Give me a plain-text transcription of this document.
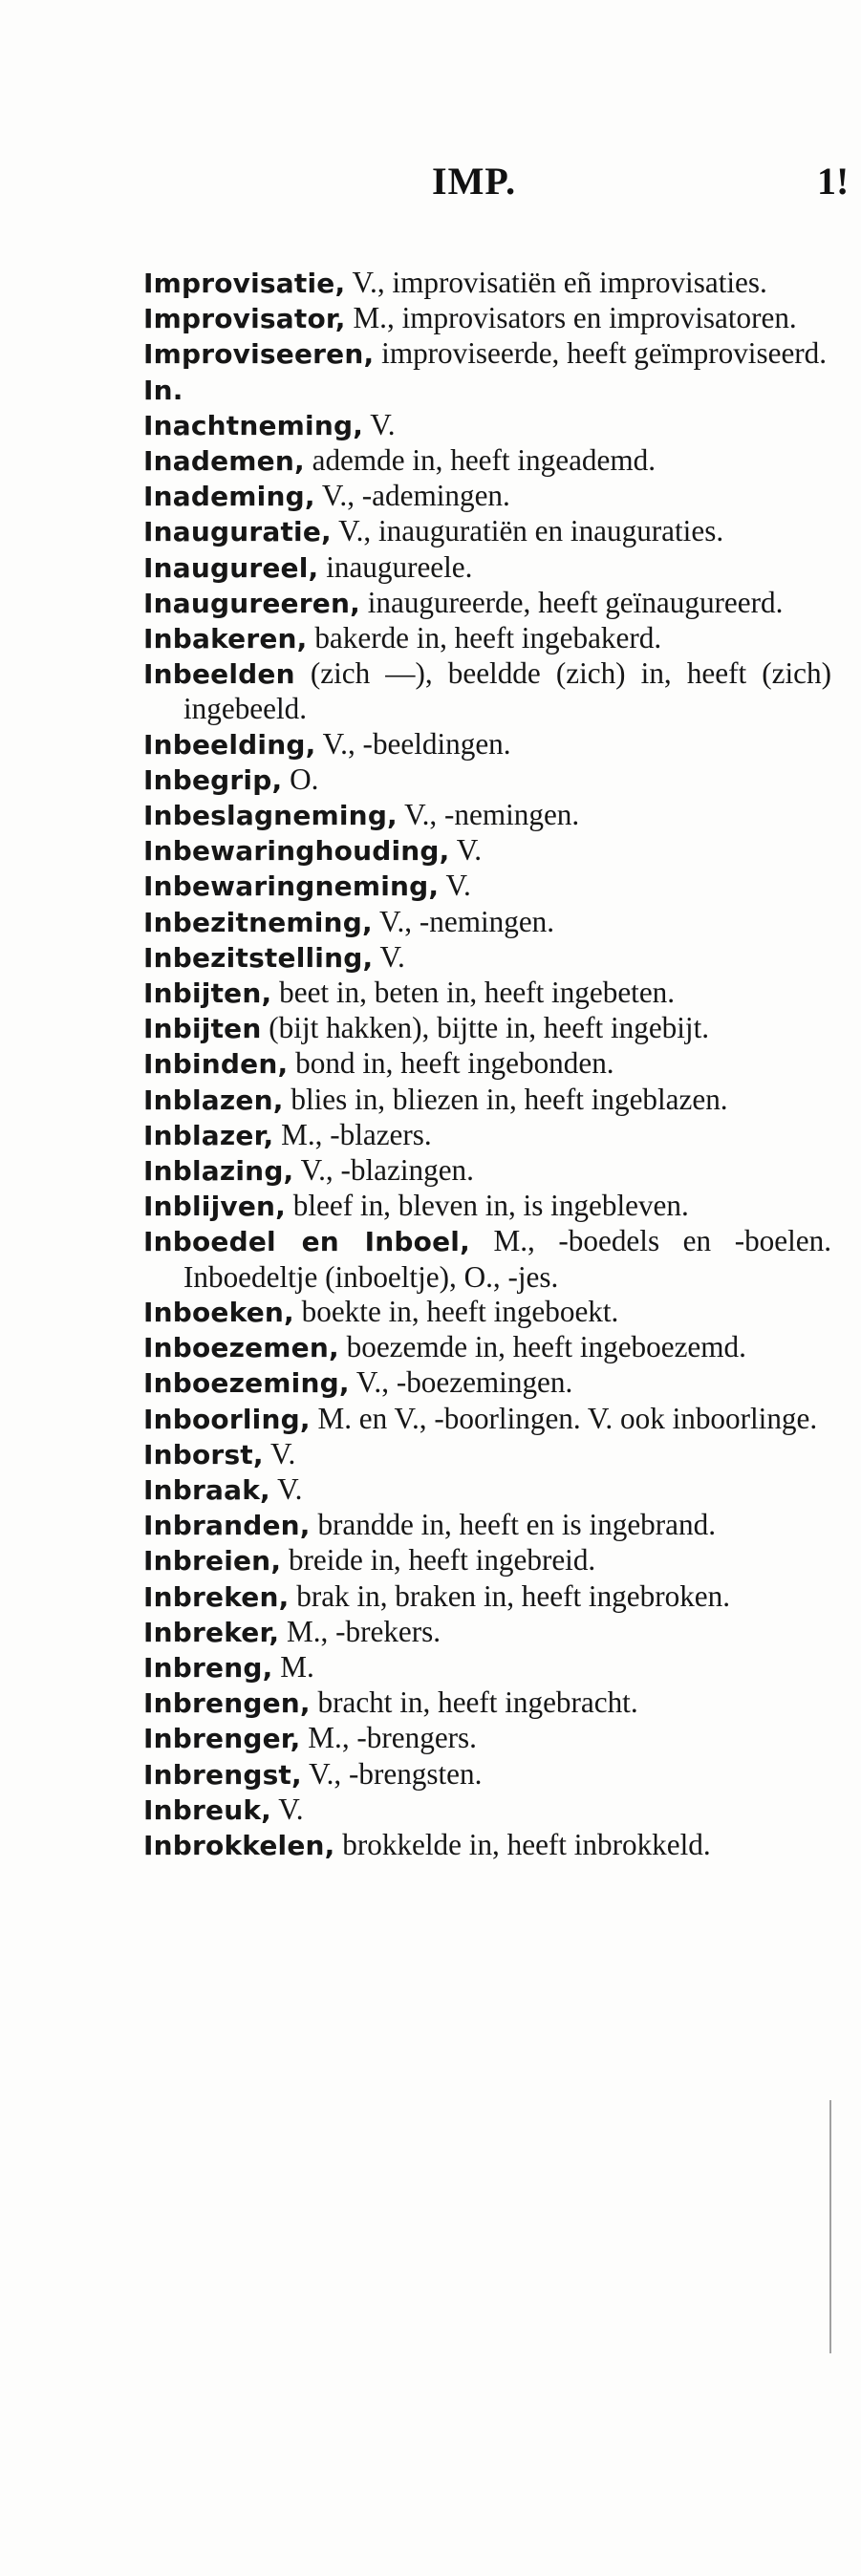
IMP.	1!
Improvisatie, V., improvisatiën eñ improvisaties.
Improvisator, M., improvisators en improvisatoren.
Improviseeren, improviseerde, heeft geïmproviseerd.
In.
Inachtneming, V.
Inademen, ademde in, heeft ingeademd.
Inademing, V., -ademingen.
Inauguratie, V., inauguratiën en inauguraties.
Inaugureel, inaugureele.
Inaugureeren, inaugureerde, heeft geïnaugureerd.
Inbakeren, bakerde in, heeft ingebakerd.
Inbeelden (zich —), beeldde (zich) in, heeft (zich) ingebeeld.
Inbeelding, V., -beeldingen.
Inbegrip, O.
Inbeslagneming, V., -nemingen.
Inbewaringhouding, V.
Inbewaringneming, V.
Inbezitneming, V., -nemingen.
Inbezitstelling, V.
Inbijten, beet in, beten in, heeft ingebeten.
Inbijten (bijt hakken), bijtte in, heeft ingebijt.
Inbinden, bond in, heeft ingebonden.
Inblazen, blies in, bliezen in, heeft ingeblazen.
Inblazer, M., -blazers.
Inblazing, V., -blazingen.
Inblijven, bleef in, bleven in, is ingebleven.
Inboedel en Inboel, M., -boedels en -boelen. Inboedeltje (inboeltje), O., -jes.
Inboeken, boekte in, heeft ingeboekt.
Inboezemen, boezemde in, heeft ingeboezemd.
Inboezeming, V., -boezemingen.
Inboorling, M. en V., -boorlingen. V. ook inboorlinge.
Inborst, V.
Inbraak, V.
Inbranden, brandde in, heeft en is ingebrand.
Inbreien, breide in, heeft ingebreid.
Inbreken, brak in, braken in, heeft ingebroken.
Inbreker, M., -brekers.
Inbreng, M.
Inbrengen, bracht in, heeft ingebracht.
Inbrenger, M., -brengers.
Inbrengst, V., -brengsten.
Inbreuk, V.
Inbrokkelen, brokkelde in, heeft inbrokkeld.
